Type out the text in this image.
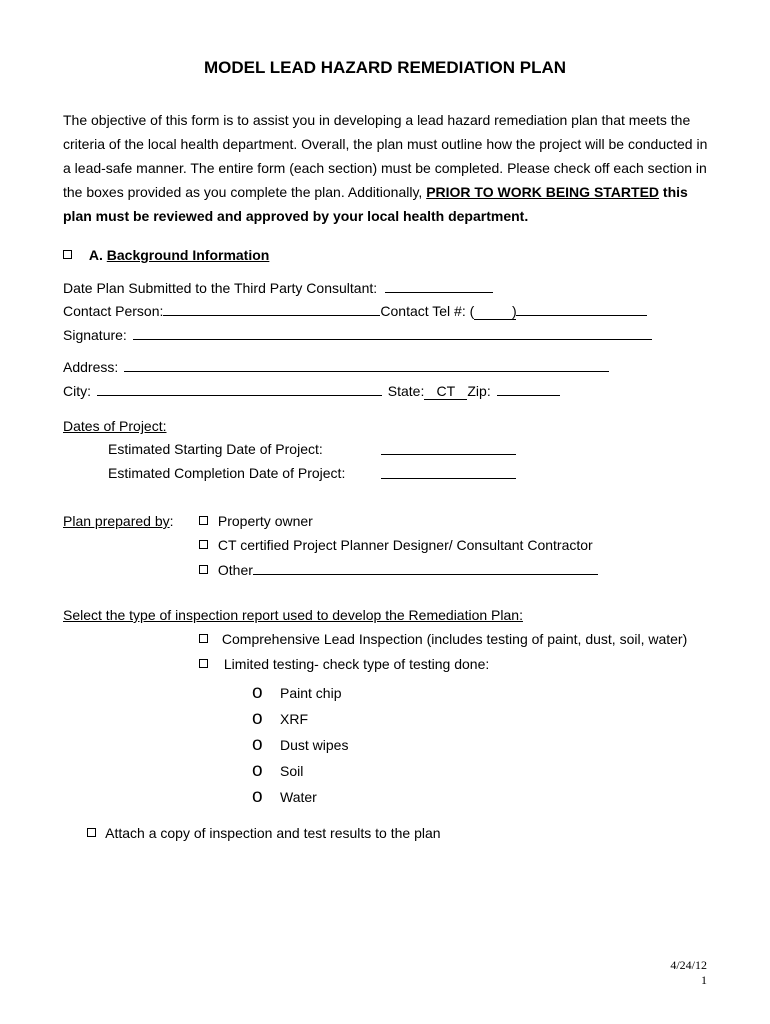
MODEL LEAD HAZARD REMEDIATION PLAN
The objective of this form is to assist you in developing a lead hazard remediation plan that meets the criteria of the local health department. Overall, the plan must outline how the project will be conducted in a lead-safe manner. The entire form (each section) must be completed. Please check off each section in the boxes provided as you complete the plan. Additionally, PRIOR TO WORK BEING STARTED this plan must be reviewed and approved by your local health department.
A. Background Information
Date Plan Submitted to the Third Party Consultant:
Contact Person:	Contact Tel #: (	)
Signature:
Address:
City:	State: CT Zip:
Dates of Project:
Estimated Starting Date of Project:
Estimated Completion Date of Project:
Plan prepared by:	Property owner
CT certified Project Planner Designer/ Consultant Contractor
Other
Select the type of inspection report used to develop the Remediation Plan:
Comprehensive Lead Inspection (includes testing of paint, dust, soil, water)
Limited testing- check type of testing done:
o Paint chip
o XRF
o Dust wipes
o Soil
o Water
Attach a copy of inspection and test results to the plan
4/24/12
1
